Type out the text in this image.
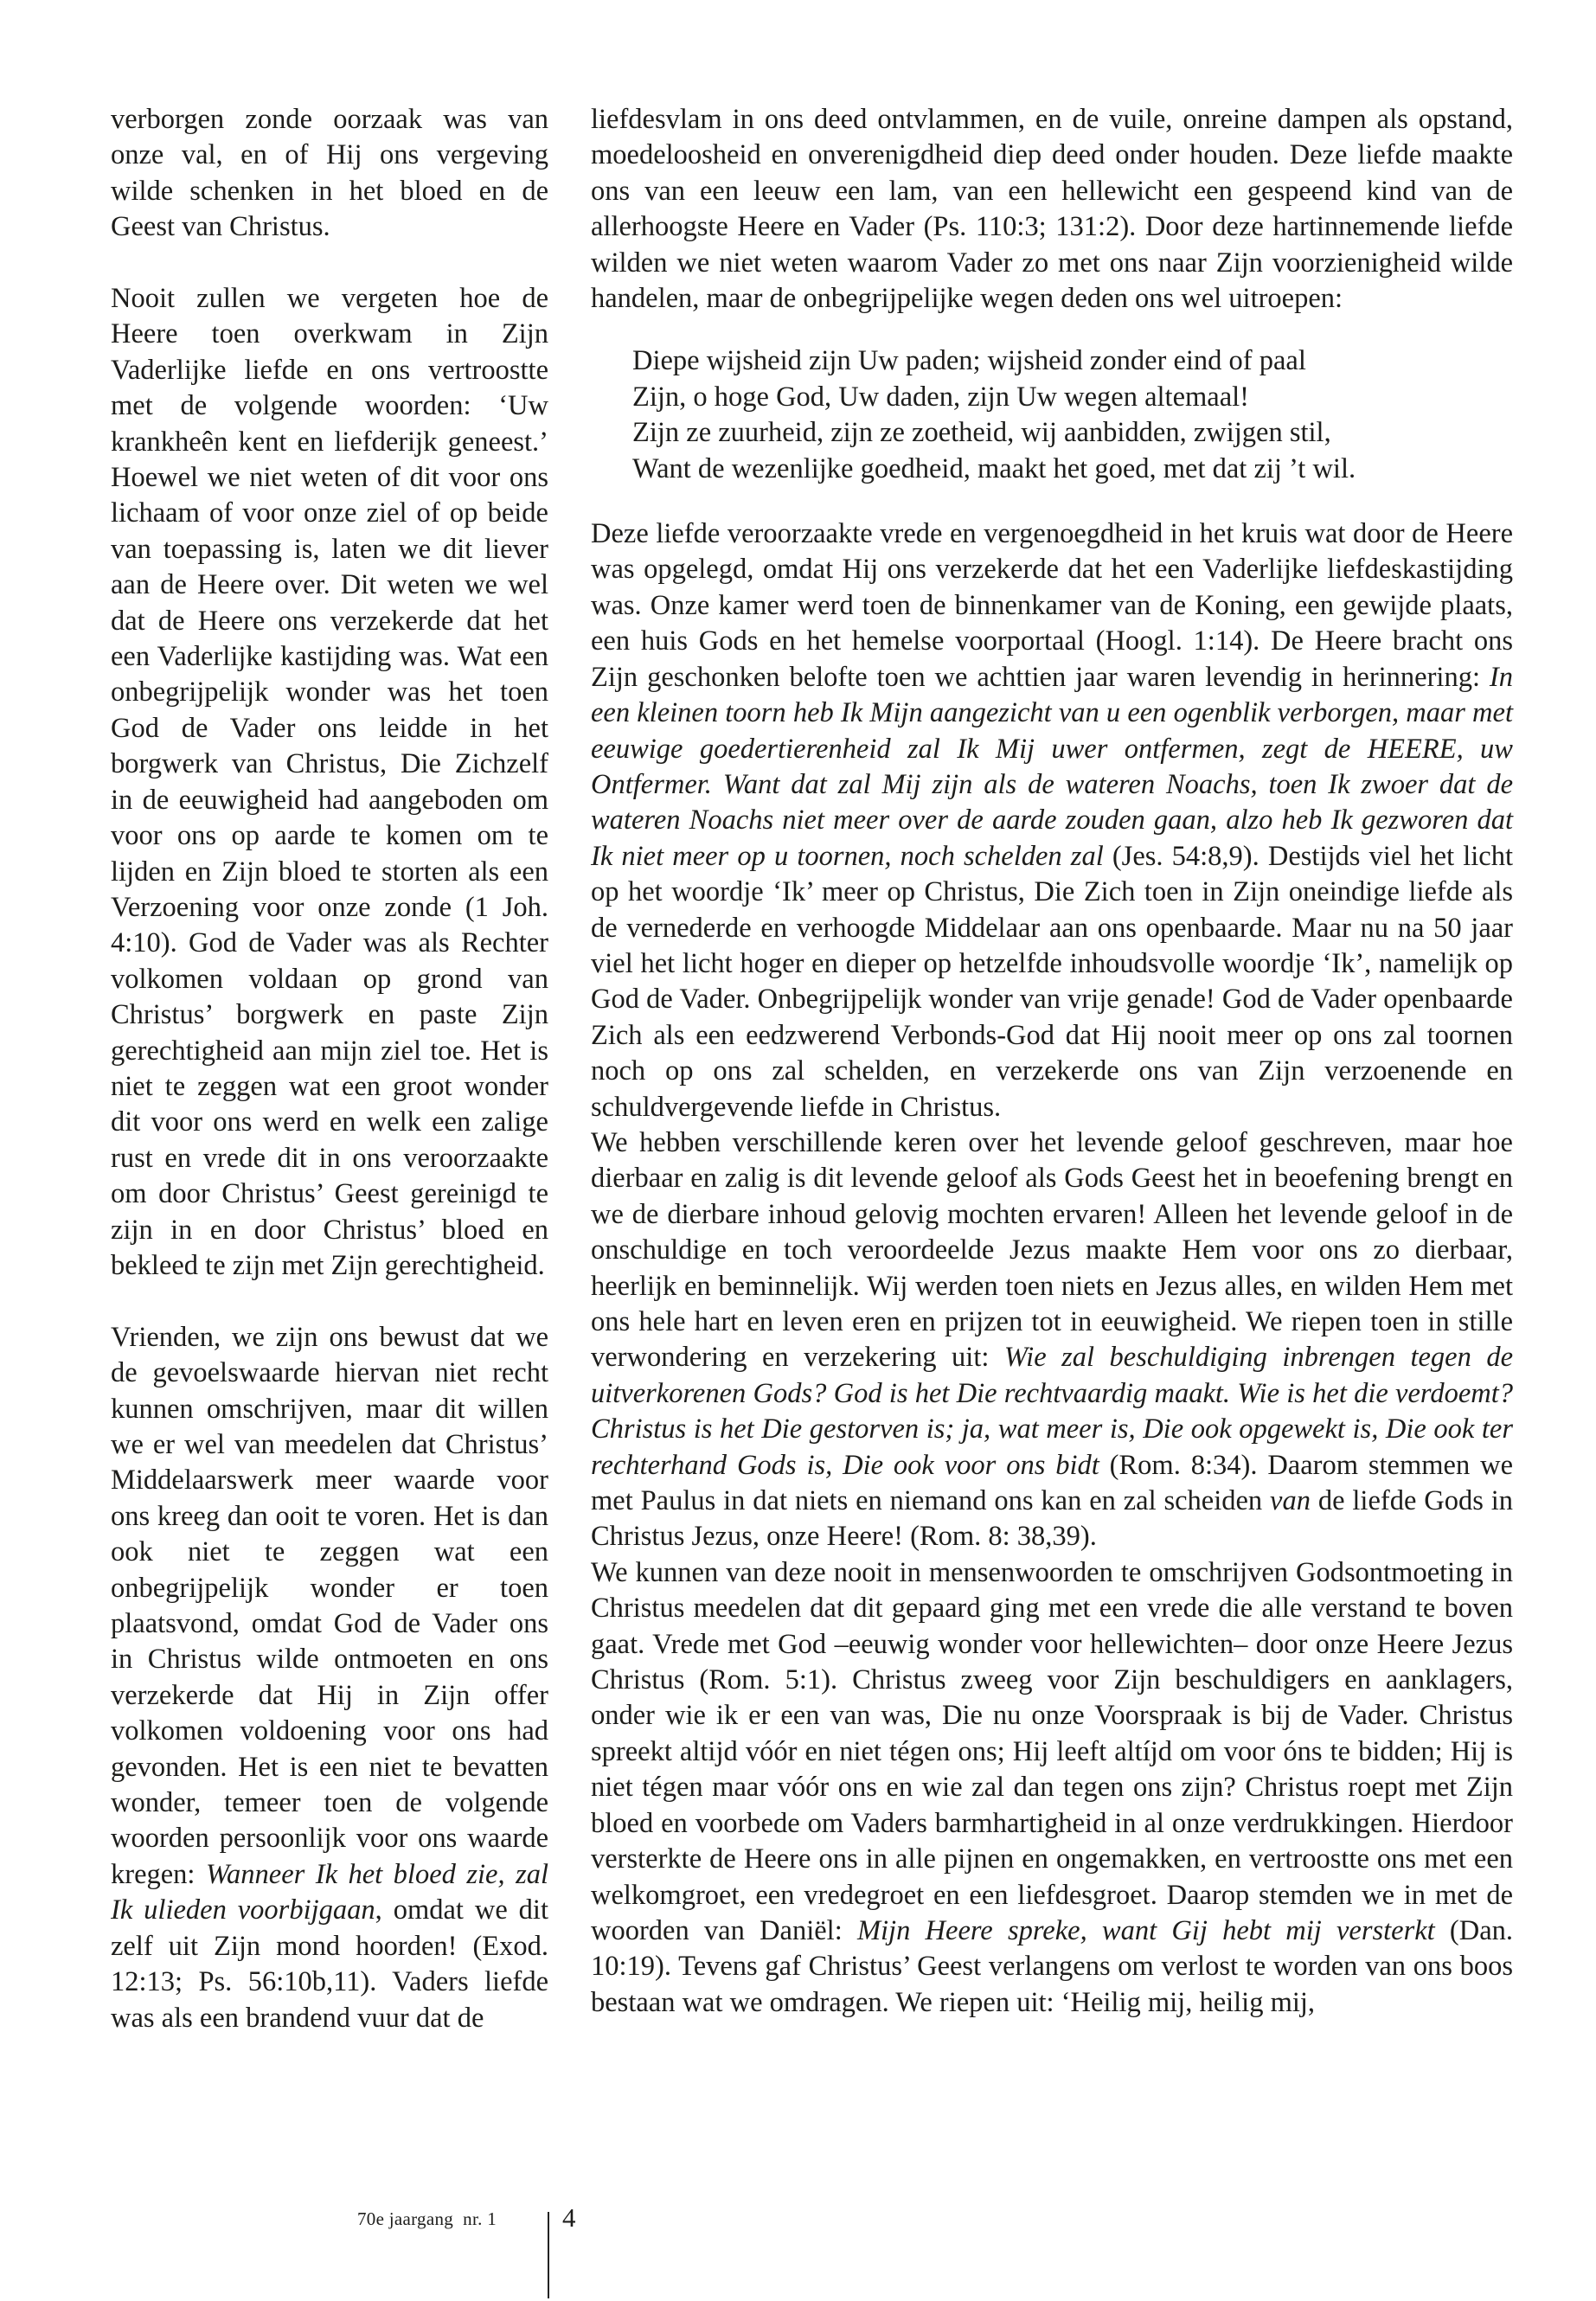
verborgen zonde oorzaak was van onze val, en of Hij ons vergeving wilde schenken in het bloed en de Geest van Christus.

Nooit zullen we vergeten hoe de Heere toen overkwam in Zijn Vaderlijke liefde en ons vertroostte met de volgende woorden: ‘Uw krankheên kent en liefderijk geneest.’ Hoewel we niet weten of dit voor ons lichaam of voor onze ziel of op beide van toepassing is, laten we dit liever aan de Heere over. Dit weten we wel dat de Heere ons verzekerde dat het een Vaderlijke kastijding was. Wat een onbegrijpelijk wonder was het toen God de Vader ons leidde in het borgwerk van Christus, Die Zichzelf in de eeuwigheid had aangeboden om voor ons op aarde te komen om te lijden en Zijn bloed te storten als een Verzoening voor onze zonde (1 Joh. 4:10). God de Vader was als Rechter volkomen voldaan op grond van Christus’ borgwerk en paste Zijn gerechtigheid aan mijn ziel toe. Het is niet te zeggen wat een groot wonder dit voor ons werd en welk een zalige rust en vrede dit in ons veroorzaakte om door Christus’ Geest gereinigd te zijn in en door Christus’ bloed en bekleed te zijn met Zijn gerechtigheid.

Vrienden, we zijn ons bewust dat we de gevoelswaarde hiervan niet recht kunnen omschrijven, maar dit willen we er wel van meedelen dat Christus’ Middelaarswerk meer waarde voor ons kreeg dan ooit te voren. Het is dan ook niet te zeggen wat een onbegrijpelijk wonder er toen plaatsvond, omdat God de Vader ons in Christus wilde ontmoeten en ons verzekerde dat Hij in Zijn offer volkomen voldoening voor ons had gevonden. Het is een niet te bevatten wonder, temeer toen de volgende woorden persoonlijk voor ons waarde kregen: Wanneer Ik het bloed zie, zal Ik ulieden voorbijgaan, omdat we dit zelf uit Zijn mond hoorden! (Exod. 12:13; Ps. 56:10b,11). Vaders liefde was als een brandend vuur dat de

liefdesvlam in ons deed ontvlammen, en de vuile, onreine dampen als opstand, moedeloosheid en onverenigdheid diep deed onder houden. Deze liefde maakte ons van een leeuw een lam, van een hellewicht een gespeend kind van de allerhoogste Heere en Vader (Ps. 110:3; 131:2). Door deze hartinnemende liefde wilden we niet weten waarom Vader zo met ons naar Zijn voorzienigheid wilde handelen, maar de onbegrijpelijke wegen deden ons wel uitroepen:

Diepe wijsheid zijn Uw paden; wijsheid zonder eind of paal
Zijn, o hoge God, Uw daden, zijn Uw wegen altemaal!
Zijn ze zuurheid, zijn ze zoetheid, wij aanbidden, zwijgen stil,
Want de wezenlijke goedheid, maakt het goed, met dat zij ’t wil.

Deze liefde veroorzaakte vrede en vergenoegdheid in het kruis wat door de Heere was opgelegd, omdat Hij ons verzekerde dat het een Vaderlijke liefdeskastijding was. Onze kamer werd toen de binnenkamer van de Koning, een gewijde plaats, een huis Gods en het hemelse voorportaal (Hoogl. 1:14). De Heere bracht ons Zijn geschonken belofte toen we achttien jaar waren levendig in herinnering: In een kleinen toorn heb Ik Mijn aangezicht van u een ogenblik verborgen, maar met eeuwige goedertierenheid zal Ik Mij uwer ontfermen, zegt de HEERE, uw Ontfermer. Want dat zal Mij zijn als de wateren Noachs, toen Ik zwoer dat de wateren Noachs niet meer over de aarde zouden gaan, alzo heb Ik gezworen dat Ik niet meer op u toornen, noch schelden zal (Jes. 54:8,9). Destijds viel het licht op het woordje ‘Ik’ meer op Christus, Die Zich toen in Zijn oneindige liefde als de vernederde en verhoogde Middelaar aan ons openbaarde. Maar nu na 50 jaar viel het licht hoger en dieper op hetzelfde inhoudsvolle woordje ‘Ik’, namelijk op God de Vader. Onbegrijpelijk wonder van vrije genade! God de Vader openbaarde Zich als een eedzwerend Verbonds-God dat Hij nooit meer op ons zal toornen noch op ons zal schelden, en verzekerde ons van Zijn verzoenende en schuldvergevende liefde in Christus.

We hebben verschillende keren over het levende geloof geschreven, maar hoe dierbaar en zalig is dit levende geloof als Gods Geest het in beoefening brengt en we de dierbare inhoud gelovig mochten ervaren! Alleen het levende geloof in de onschuldige en toch veroordeelde Jezus maakte Hem voor ons zo dierbaar, heerlijk en beminnelijk. Wij werden toen niets en Jezus alles, en wilden Hem met ons hele hart en leven eren en prijzen tot in eeuwigheid. We riepen toen in stille verwondering en verzekering uit: Wie zal beschuldiging inbrengen tegen de uitverkorenen Gods? God is het Die rechtvaardig maakt. Wie is het die verdoemt? Christus is het Die gestorven is; ja, wat meer is, Die ook opgewekt is, Die ook ter rechterhand Gods is, Die ook voor ons bidt (Rom. 8:34). Daarom stemmen we met Paulus in dat niets en niemand ons kan en zal scheiden van de liefde Gods in Christus Jezus, onze Heere! (Rom. 8: 38,39).

We kunnen van deze nooit in mensenwoorden te omschrijven Godsontmoeting in Christus meedelen dat dit gepaard ging met een vrede die alle verstand te boven gaat. Vrede met God –eeuwig wonder voor hellewichten– door onze Heere Jezus Christus (Rom. 5:1). Christus zweeg voor Zijn beschuldigers en aanklagers, onder wie ik er een van was, Die nu onze Voorspraak is bij de Vader. Christus spreekt altijd vóór en niet tégen ons; Hij leeft altíjd om voor óns te bidden; Hij is niet tégen maar vóór ons en wie zal dan tegen ons zijn? Christus roept met Zijn bloed en voorbede om Vaders barmhartigheid in al onze verdrukkingen. Hierdoor versterkte de Heere ons in alle pijnen en ongemakken, en vertroostte ons met een welkomgroet, een vredegroet en een liefdesgroet. Daarop stemden we in met de woorden van Daniël: Mijn Heere spreke, want Gij hebt mij versterkt (Dan. 10:19). Tevens gaf Christus’ Geest verlangens om verlost te worden van ons boos bestaan wat we omdragen. We riepen uit: ‘Heilig mij, heilig mij,

70e jaargang  nr. 1 4
